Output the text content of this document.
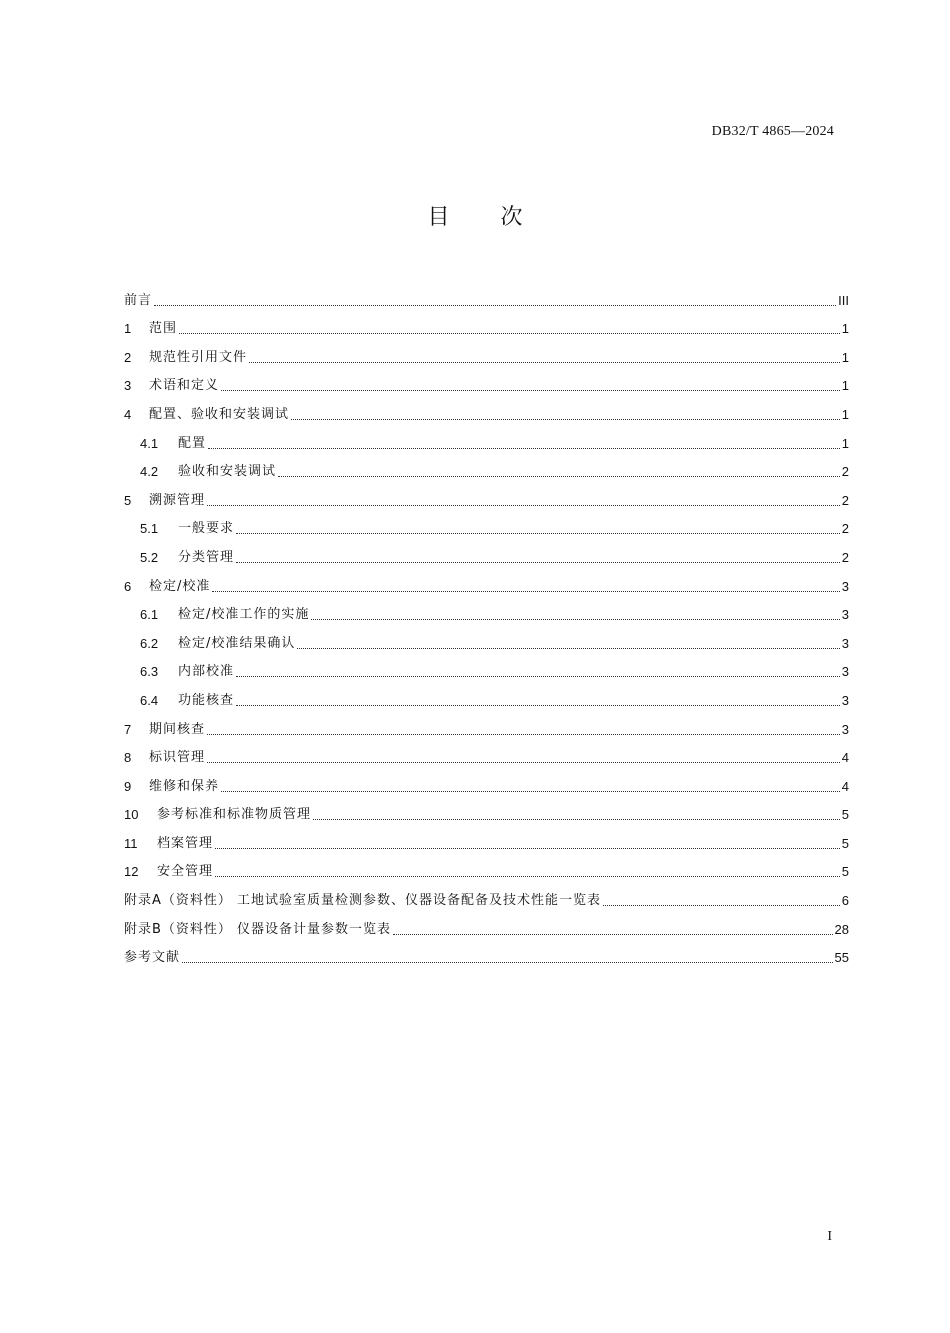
DB32/T 4865—2024
目 次
前言	III
1	范围	1
2	规范性引用文件	1
3	术语和定义	1
4	配置、验收和安装调试	1
4.1	配置	1
4.2	验收和安装调试	2
5	溯源管理	2
5.1	一般要求	2
5.2	分类管理	2
6	检定/校准	3
6.1	检定/校准工作的实施	3
6.2	检定/校准结果确认	3
6.3	内部校准	3
6.4	功能核查	3
7	期间核查	3
8	标识管理	4
9	维修和保养	4
10	参考标准和标准物质管理	5
11	档案管理	5
12	安全管理	5
附录A（资料性） 工地试验室质量检测参数、仪器设备配备及技术性能一览表	6
附录B（资料性） 仪器设备计量参数一览表	28
参考文献	55
I
